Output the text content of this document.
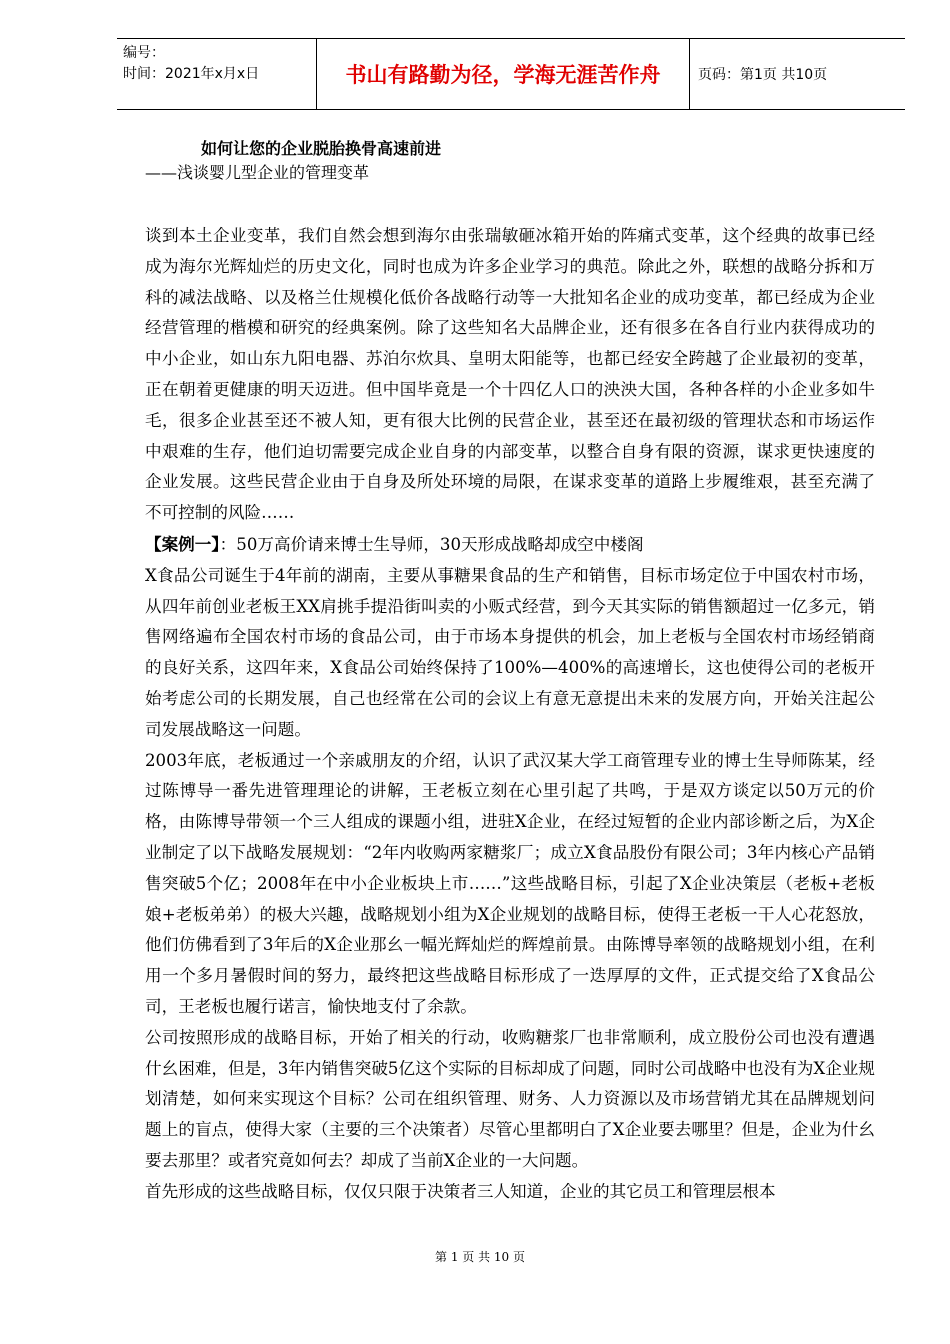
编号：
时间：2021年x月x日	书山有路勤为径，学海无涯苦作舟	页码：第1页 共10页
如何让您的企业脱胎换骨高速前进
——浅谈婴儿型企业的管理变革

谈到本土企业变革，我们自然会想到海尔由张瑞敏砸冰箱开始的阵痛式变革，这个经典的故事已经成为海尔光辉灿烂的历史文化，同时也成为许多企业学习的典范。除此之外，联想的战略分拆和万科的减法战略、以及格兰仕规模化低价各战略行动等一大批知名企业的成功变革，都已经成为企业经营管理的楷模和研究的经典案例。除了这些知名大品牌企业，还有很多在各自行业内获得成功的中小企业，如山东九阳电器、苏泊尔炊具、皇明太阳能等，也都已经安全跨越了企业最初的变革，正在朝着更健康的明天迈进。但中国毕竟是一个十四亿人口的泱泱大国，各种各样的小企业多如牛毛，很多企业甚至还不被人知，更有很大比例的民营企业，甚至还在最初级的管理状态和市场运作中艰难的生存，他们迫切需要完成企业自身的内部变革，以整合自身有限的资源，谋求更快速度的企业发展。这些民营企业由于自身及所处环境的局限，在谋求变革的道路上步履维艰，甚至充满了不可控制的风险……

【案例一】：50万高价请来博士生导师，30天形成战略却成空中楼阁

X食品公司诞生于4年前的湖南，主要从事糖果食品的生产和销售，目标市场定位于中国农村市场，从四年前创业老板王XX肩挑手提沿街叫卖的小贩式经营，到今天其实际的销售额超过一亿多元，销售网络遍布全国农村市场的食品公司，由于市场本身提供的机会，加上老板与全国农村市场经销商的良好关系，这四年来，X食品公司始终保持了100%—400%的高速增长，这也使得公司的老板开始考虑公司的长期发展，自己也经常在公司的会议上有意无意提出未来的发展方向，开始关注起公司发展战略这一问题。

2003年底，老板通过一个亲戚朋友的介绍，认识了武汉某大学工商管理专业的博士生导师陈某，经过陈博导一番先进管理理论的讲解，王老板立刻在心里引起了共鸣，于是双方谈定以50万元的价格，由陈博导带领一个三人组成的课题小组，进驻X企业，在经过短暂的企业内部诊断之后，为X企业制定了以下战略发展规划：“2年内收购两家糖浆厂；成立X食品股份有限公司；3年内核心产品销售突破5个亿；2008年在中小企业板块上市……”这些战略目标，引起了X企业决策层（老板+老板娘+老板弟弟）的极大兴趣，战略规划小组为X企业规划的战略目标，使得王老板一干人心花怒放，他们仿佛看到了3年后的X企业那幺一幅光辉灿烂的辉煌前景。由陈博导率领的战略规划小组，在利用一个多月暑假时间的努力，最终把这些战略目标形成了一迭厚厚的文件，正式提交给了X食品公司，王老板也履行诺言，愉快地支付了余款。

公司按照形成的战略目标，开始了相关的行动，收购糖浆厂也非常顺利，成立股份公司也没有遭遇什幺困难，但是，3年内销售突破5亿这个实际的目标却成了问题，同时公司战略中也没有为X企业规划清楚，如何来实现这个目标？公司在组织管理、财务、人力资源以及市场营销尤其在品牌规划问题上的盲点，使得大家（主要的三个决策者）尽管心里都明白了X企业要去哪里？但是，企业为什幺要去那里？或者究竟如何去？却成了当前X企业的一大问题。

首先形成的这些战略目标，仅仅只限于决策者三人知道，企业的其它员工和管理层根本

第 1 页 共 10 页
